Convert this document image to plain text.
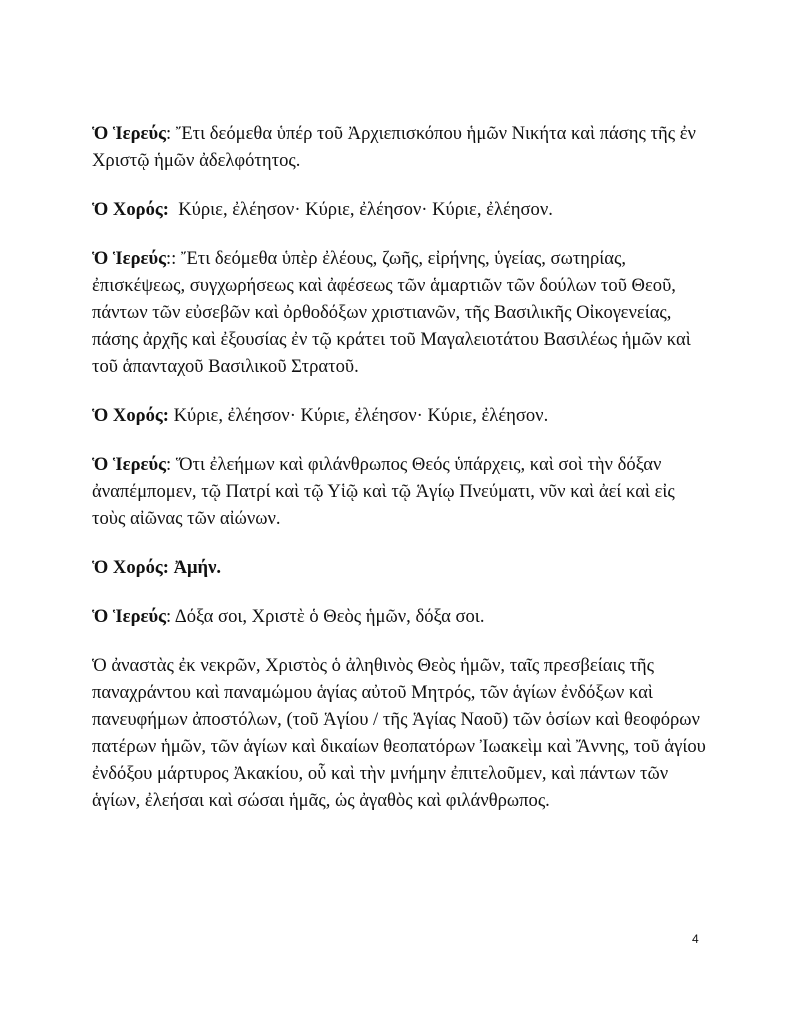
Ὁ Ἱερεύς: Ἔτι δεόμεθα ὑπέρ τοῦ Ἀρχιεπισκόπου ἡμῶν Νικήτα καὶ πάσης τῆς ἐν Χριστῷ ἡμῶν ἀδελφότητος.

Ὁ Χορός: Κύριε, ἐλέησον· Κύριε, ἐλέησον· Κύριε, ἐλέησον.

Ὁ Ἱερεύς:: Ἔτι δεόμεθα ὑπὲρ ἐλέους, ζωῆς, εἰρήνης, ὑγείας, σωτηρίας, ἐπισκέψεως, συγχωρήσεως καὶ ἀφέσεως τῶν ἁμαρτιῶν τῶν δούλων τοῦ Θεοῦ, πάντων τῶν εὐσεβῶν καὶ ὀρθοδόξων χριστιανῶν, τῆς Βασιλικῆς Οἰκογενείας, πάσης ἀρχῆς καὶ ἐξουσίας ἐν τῷ κράτει τοῦ Μαγαλειοτάτου Βασιλέως ἡμῶν καὶ τοῦ ἁπανταχοῦ Βασιλικοῦ Στρατοῦ.

Ὁ Χορός: Κύριε, ἐλέησον· Κύριε, ἐλέησον· Κύριε, ἐλέησον.

Ὁ Ἱερεύς: Ὅτι ἐλεήμων καὶ φιλάνθρωπος Θεός ὑπάρχεις, καὶ σοὶ τὴν δόξαν ἀναπέμπομεν, τῷ Πατρί καὶ τῷ Υἱῷ καὶ τῷ Ἁγίῳ Πνεύματι, νῦν καὶ ἀεί καὶ εἰς τοὺς αἰῶνας τῶν αἰώνων.

Ὁ Χορός: Ἀμήν.

Ὁ Ἱερεύς: Δόξα σοι, Χριστὲ ὁ Θεὸς ἡμῶν, δόξα σοι.

Ὁ ἀναστὰς ἐκ νεκρῶν, Χριστὸς ὁ ἀληθινὸς Θεὸς ἡμῶν, ταῖς πρεσβείαις τῆς παναχράντου καὶ παναμώμου ἁγίας αὐτοῦ Μητρός, τῶν ἁγίων ἐνδόξων καὶ πανευφήμων ἀποστόλων, (τοῦ Ἁγίου / τῆς Ἁγίας Ναοῦ) τῶν ὁσίων καὶ θεοφόρων πατέρων ἡμῶν, τῶν ἁγίων καὶ δικαίων θεοπατόρων Ἰωακεὶμ καὶ Ἄννης, τοῦ ἁγίου ἐνδόξου μάρτυρος Ἀκακίου, οὗ καὶ τὴν μνήμην ἐπιτελοῦμεν, καὶ πάντων τῶν ἁγίων, ἐλεήσαι καὶ σώσαι ἡμᾶς, ὡς ἀγαθὸς καὶ φιλάνθρωπος.

4
